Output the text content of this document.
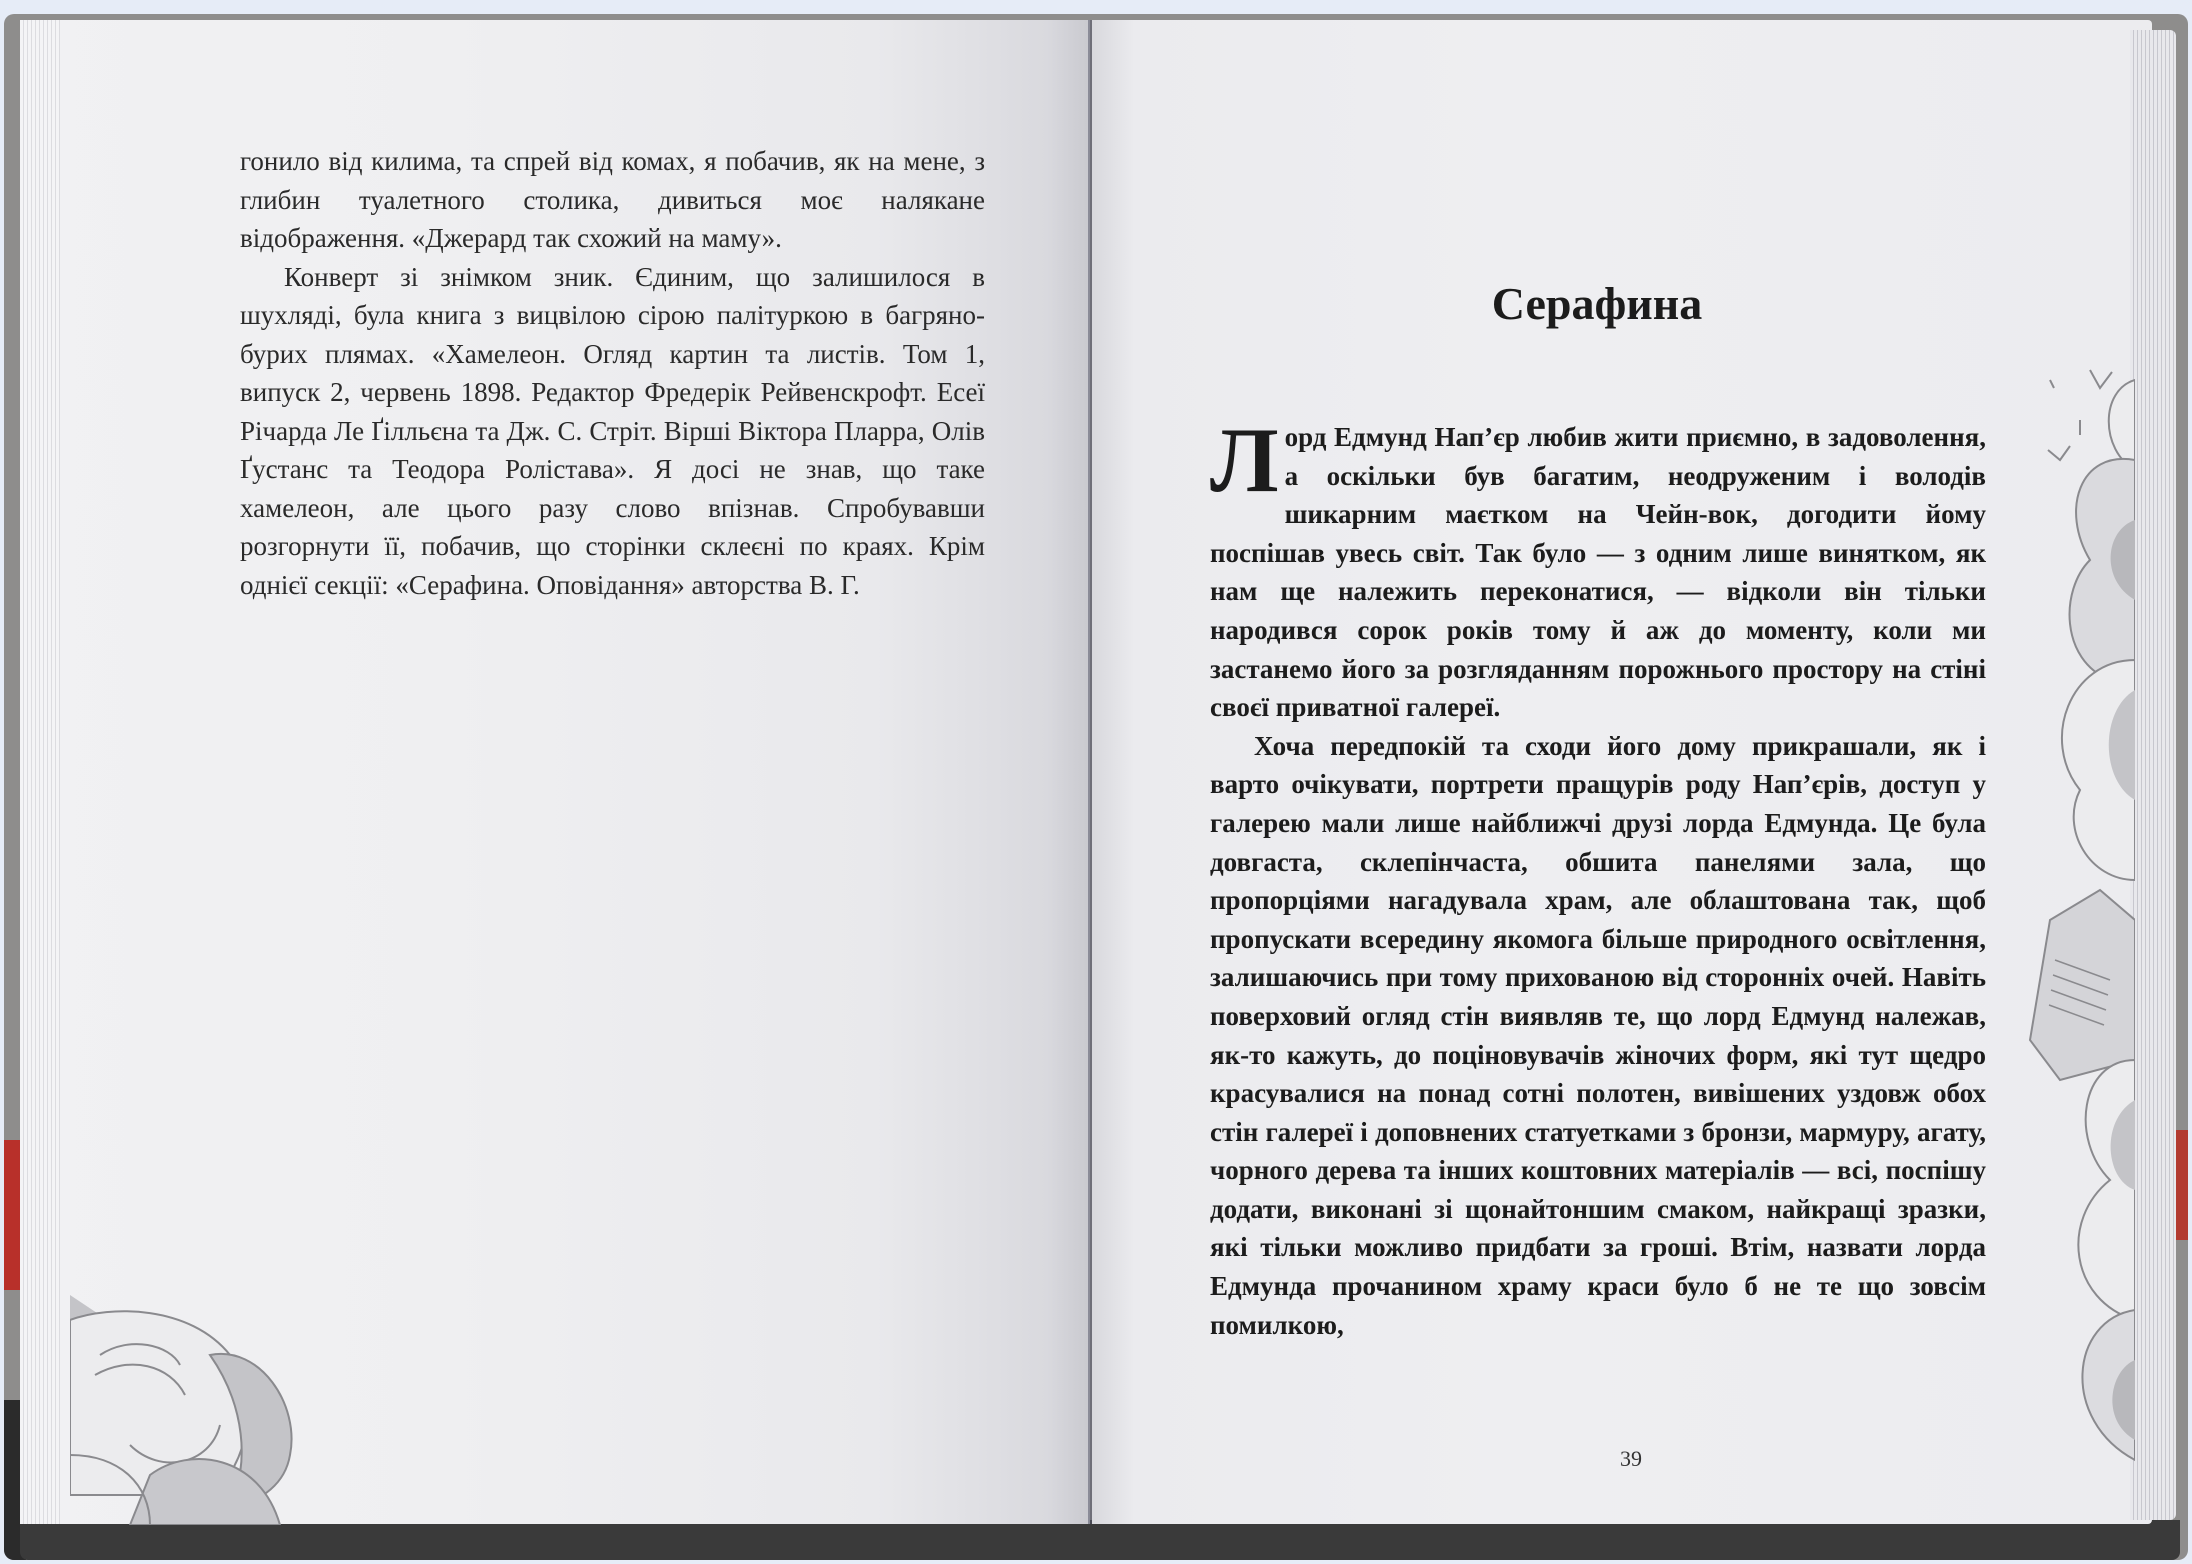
гонило від килима, та спрей від комах, я побачив, як на мене, з глибин туалетного столика, дивиться моє налякане відображення. «Джерард так схожий на маму».

Конверт зі знімком зник. Єдиним, що залишилося в шухляді, була книга з вицвілою сірою палітуркою в багряно-бурих плямах. «Хамелеон. Огляд картин та листів. Том 1, випуск 2, червень 1898. Редактор Фредерік Рейвенскрофт. Есеї Річарда Ле Ґілльєна та Дж. С. Стріт. Вірші Віктора Пларра, Олів Ґустанс та Теодора Ролістава». Я досі не знав, що таке хамелеон, але цього разу слово впізнав. Спробувавши розгорнути її, побачив, що сторінки склеєні по краях. Крім однієї секції: «Серафина. Оповідання» авторства В. Г.

Серафина

Л орд Едмунд Нап’єр любив жити приємно, в задоволення, а оскільки був багатим, неодруженим і володів шикарним маєтком на Чейн-вок, догодити йому поспішав увесь світ. Так було — з одним лише винятком, як нам ще належить переконатися, — відколи він тільки народився сорок років тому й аж до моменту, коли ми застанемо його за розгляданням порожнього простору на стіні своєї приватної галереї.

Хоча передпокій та сходи його дому прикрашали, як і варто очікувати, портрети пращурів роду Нап’єрів, доступ у галерею мали лише найближчі друзі лорда Едмунда. Це була довгаста, склепінчаста, обшита панелями зала, що пропорціями нагадувала храм, але облаштована так, щоб пропускати всередину якомога більше природного освітлення, залишаючись при тому прихованою від сторонніх очей. Навіть поверховий огляд стін виявляв те, що лорд Едмунд належав, як-то кажуть, до поціновувачів жіночих форм, які тут щедро красувалися на понад сотні полотен, вивішених уздовж обох стін галереї і доповнених статуетками з бронзи, мармуру, агату, чорного дерева та інших коштовних матеріалів — всі, поспішу додати, виконані зі щонайтоншим смаком, найкращі зразки, які тільки можливо придбати за гроші. Втім, назвати лорда Едмунда прочанином храму краси було б не те що зовсім помилкою,

39
